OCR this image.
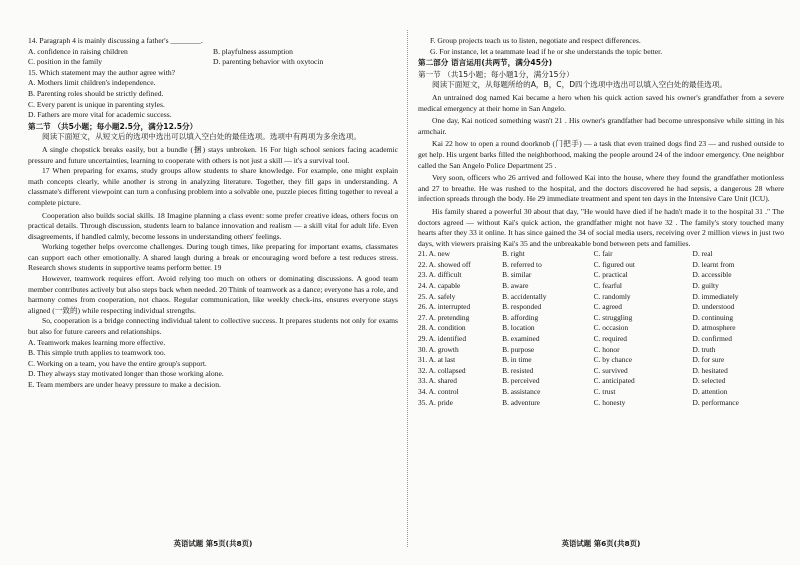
14. Paragraph 4 is mainly discussing a father's ________.

A. confidence in raising children	B. playfulness assumption
C. position in the family	D. parenting behavior with oxytocin

15. Which statement may the author agree with?

A. Mothers limit children's independence.

B. Parenting roles should be strictly defined.

C. Every parent is unique in parenting styles.

D. Fathers are more vital for academic success.

第二节 （共5小题；每小题2.5分，满分12.5分）

阅读下面短文，从短文后的选项中选出可以填入空白处的最佳选项。选项中有两项为多余选项。

A single chopstick breaks easily, but a bundle (捆) stays unbroken. 16 For high school seniors facing academic pressure and future uncertainties, learning to cooperate with others is not just a skill — it's a survival tool.

17 When preparing for exams, study groups allow students to share knowledge. For example, one might explain math concepts clearly, while another is strong in analyzing literature. Together, they fill gaps in understanding. A classmate's different viewpoint can turn a confusing problem into a solvable one, puzzle pieces fitting together to reveal a complete picture.

Cooperation also builds social skills. 18 Imagine planning a class event: some prefer creative ideas, others focus on practical details. Through discussion, students learn to balance innovation and realism — a skill vital for adult life. Even disagreements, if handled calmly, become lessons in understanding others' feelings.

Working together helps overcome challenges. During tough times, like preparing for important exams, classmates can support each other emotionally. A shared laugh during a break or encouraging word before a test reduces stress. Research shows students in supportive teams perform better. 19

However, teamwork requires effort. Avoid relying too much on others or dominating discussions. A good team member contributes actively but also steps back when needed. 20 Think of teamwork as a dance; everyone has a role, and harmony comes from cooperation, not chaos. Regular communication, like weekly check-ins, ensures everyone stays aligned (一致的) while respecting individual strengths.

So, cooperation is a bridge connecting individual talent to collective success. It prepares students not only for exams but also for future careers and relationships.

A. Teamwork makes learning more effective.

B. This simple truth applies to teamwork too.

C. Working on a team, you have the entire group's support.

D. They always stay motivated longer than those working alone.

E. Team members are under heavy pressure to make a decision.

英语试题 第5页(共8页)

F. Group projects teach us to listen, negotiate and respect differences.

G. For instance, let a teammate lead if he or she understands the topic better.

第二部分 语言运用(共两节，满分45分)

第一节 （共15小题；每小题1分，满分15分）

阅读下面短文，从每题所给的A，B，C，D四个选项中选出可以填入空白处的最佳选项。

An untrained dog named Kai became a hero when his quick action saved his owner's grandfather from a severe medical emergency at their home in San Angelo.

One day, Kai noticed something wasn't 21 . His owner's grandfather had become unresponsive while sitting in his armchair.

Kai 22 how to open a round doorknob (门把手) — a task that even trained dogs find 23 — and rushed outside to get help. His urgent barks filled the neighborhood, making the people around 24 of the indoor emergency. One neighbor called the San Angelo Police Department 25 .

Very soon, officers who 26 arrived and followed Kai into the house, where they found the grandfather motionless and 27 to breathe. He was rushed to the hospital, and the doctors discovered he had sepsis, a dangerous 28 where infection spreads through the body. He 29 immediate treatment and spent ten days in the Intensive Care Unit (ICU).

His family shared a powerful 30 about that day, "He would have died if he hadn't made it to the hospital 31 ." The doctors agreed — without Kai's quick action, the grandfather might not have 32 . The family's story touched many hearts after they 33 it online. It has since gained the 34 of social media users, receiving over 2 million views in just two days, with viewers praising Kai's 35 and the unbreakable bond between pets and families.

21. A. new	B. right	C. fair	D. real
22. A. showed off	B. referred to	C. figured out	D. learnt from
23. A. difficult	B. similar	C. practical	D. accessible
24. A. capable	B. aware	C. fearful	D. guilty
25. A. safely	B. accidentally	C. randomly	D. immediately
26. A. interrupted	B. responded	C. agreed	D. understood
27. A. pretending	B. affording	C. struggling	D. continuing
28. A. condition	B. location	C. occasion	D. atmosphere
29. A. identified	B. examined	C. required	D. confirmed
30. A. growth	B. purpose	C. honor	D. truth
31. A. at last	B. in time	C. by chance	D. for sure
32. A. collapsed	B. resisted	C. survived	D. hesitated
33. A. shared	B. perceived	C. anticipated	D. selected
34. A. control	B. assistance	C. trust	D. attention
35. A. pride	B. adventure	C. honesty	D. performance
英语试题 第6页(共8页)
